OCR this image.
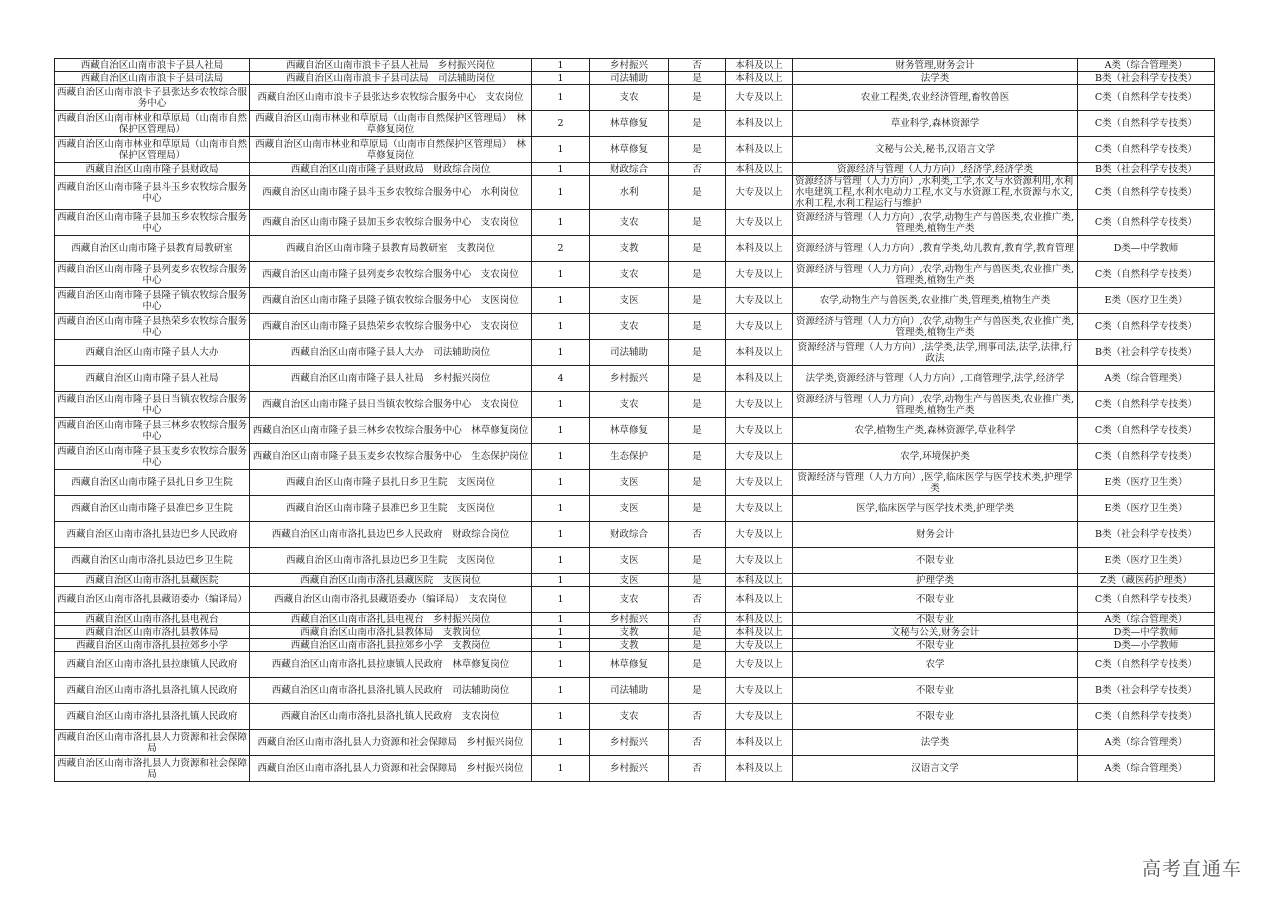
西藏自治区山南市浪卡子县人社局	西藏自治区山南市浪卡子县人社局　乡村振兴岗位	1	乡村振兴	否	本科及以上	财务管理,财务会计	A类（综合管理类）
西藏自治区山南市浪卡子县司法局	西藏自治区山南市浪卡子县司法局　司法辅助岗位	1	司法辅助	是	本科及以上	法学类	B类（社会科学专技类）
西藏自治区山南市浪卡子县张达乡农牧综合服务中心	西藏自治区山南市浪卡子县张达乡农牧综合服务中心　支农岗位	1	支农	是	大专及以上	农业工程类,农业经济管理,畜牧兽医	C类（自然科学专技类）
西藏自治区山南市林业和草原局（山南市自然保护区管理局）	西藏自治区山南市林业和草原局（山南市自然保护区管理局）　林草修复岗位	2	林草修复	是	本科及以上	草业科学,森林资源学	C类（自然科学专技类）
西藏自治区山南市林业和草原局（山南市自然保护区管理局）	西藏自治区山南市林业和草原局（山南市自然保护区管理局）　林草修复岗位	1	林草修复	是	本科及以上	文秘与公关,秘书,汉语言文学	C类（自然科学专技类）
西藏自治区山南市隆子县财政局	西藏自治区山南市隆子县财政局　财政综合岗位	1	财政综合	否	本科及以上	资源经济与管理（人力方向）,经济学,经济学类	B类（社会科学专技类）
西藏自治区山南市隆子县斗玉乡农牧综合服务中心	西藏自治区山南市隆子县斗玉乡农牧综合服务中心　水利岗位	1	水利	是	大专及以上	资源经济与管理（人力方向）,水利类,工学,水文与水资源利用,水利水电建筑工程,水利水电动力工程,水文与水资源工程,水资源与水文,水利工程,水利工程运行与维护	C类（自然科学专技类）
西藏自治区山南市隆子县加玉乡农牧综合服务中心	西藏自治区山南市隆子县加玉乡农牧综合服务中心　支农岗位	1	支农	是	大专及以上	资源经济与管理（人力方向）,农学,动物生产与兽医类,农业推广类,管理类,植物生产类	C类（自然科学专技类）
西藏自治区山南市隆子县教育局教研室	西藏自治区山南市隆子县教育局教研室　支教岗位	2	支教	是	本科及以上	资源经济与管理（人力方向）,教育学类,幼儿教育,教育学,教育管理	D类—中学教师
西藏自治区山南市隆子县列麦乡农牧综合服务中心	西藏自治区山南市隆子县列麦乡农牧综合服务中心　支农岗位	1	支农	是	大专及以上	资源经济与管理（人力方向）,农学,动物生产与兽医类,农业推广类,管理类,植物生产类	C类（自然科学专技类）
西藏自治区山南市隆子县隆子镇农牧综合服务中心	西藏自治区山南市隆子县隆子镇农牧综合服务中心　支医岗位	1	支医	是	大专及以上	农学,动物生产与兽医类,农业推广类,管理类,植物生产类	E类（医疗卫生类）
西藏自治区山南市隆子县热荣乡农牧综合服务中心	西藏自治区山南市隆子县热荣乡农牧综合服务中心　支农岗位	1	支农	是	大专及以上	资源经济与管理（人力方向）,农学,动物生产与兽医类,农业推广类,管理类,植物生产类	C类（自然科学专技类）
西藏自治区山南市隆子县人大办	西藏自治区山南市隆子县人大办　司法辅助岗位	1	司法辅助	是	本科及以上	资源经济与管理（人力方向）,法学类,法学,刑事司法,法学,法律,行政法	B类（社会科学专技类）
西藏自治区山南市隆子县人社局	西藏自治区山南市隆子县人社局　乡村振兴岗位	4	乡村振兴	是	本科及以上	法学类,资源经济与管理（人力方向）,工商管理学,法学,经济学	A类（综合管理类）
西藏自治区山南市隆子县日当镇农牧综合服务中心	西藏自治区山南市隆子县日当镇农牧综合服务中心　支农岗位	1	支农	是	大专及以上	资源经济与管理（人力方向）,农学,动物生产与兽医类,农业推广类,管理类,植物生产类	C类（自然科学专技类）
西藏自治区山南市隆子县三林乡农牧综合服务中心	西藏自治区山南市隆子县三林乡农牧综合服务中心　林草修复岗位	1	林草修复	是	大专及以上	农学,植物生产类,森林资源学,草业科学	C类（自然科学专技类）
西藏自治区山南市隆子县玉麦乡农牧综合服务中心	西藏自治区山南市隆子县玉麦乡农牧综合服务中心　生态保护岗位	1	生态保护	是	大专及以上	农学,环境保护类	C类（自然科学专技类）
西藏自治区山南市隆子县扎日乡卫生院	西藏自治区山南市隆子县扎日乡卫生院　支医岗位	1	支医	是	大专及以上	资源经济与管理（人力方向）,医学,临床医学与医学技术类,护理学类	E类（医疗卫生类）
西藏自治区山南市隆子县准巴乡卫生院	西藏自治区山南市隆子县准巴乡卫生院　支医岗位	1	支医	是	大专及以上	医学,临床医学与医学技术类,护理学类	E类（医疗卫生类）
西藏自治区山南市洛扎县边巴乡人民政府	西藏自治区山南市洛扎县边巴乡人民政府　财政综合岗位	1	财政综合	否	大专及以上	财务会计	B类（社会科学专技类）
西藏自治区山南市洛扎县边巴乡卫生院	西藏自治区山南市洛扎县边巴乡卫生院　支医岗位	1	支医	是	大专及以上	不限专业	E类（医疗卫生类）
西藏自治区山南市洛扎县藏医院	西藏自治区山南市洛扎县藏医院　支医岗位	1	支医	是	本科及以上	护理学类	Z类（藏医药护理类）
西藏自治区山南市洛扎县藏语委办（编译局）	西藏自治区山南市洛扎县藏语委办（编译局）　支农岗位	1	支农	否	本科及以上	不限专业	C类（自然科学专技类）
西藏自治区山南市洛扎县电视台	西藏自治区山南市洛扎县电视台　乡村振兴岗位	1	乡村振兴	否	本科及以上	不限专业	A类（综合管理类）
西藏自治区山南市洛扎县教体局	西藏自治区山南市洛扎县教体局　支教岗位	1	支教	是	本科及以上	文秘与公关,财务会计	D类—中学教师
西藏自治区山南市洛扎县拉郊乡小学	西藏自治区山南市洛扎县拉郊乡小学　支教岗位	1	支教	是	大专及以上	不限专业	D类—小学教师
西藏自治区山南市洛扎县拉康镇人民政府	西藏自治区山南市洛扎县拉康镇人民政府　林草修复岗位	1	林草修复	是	大专及以上	农学	C类（自然科学专技类）
西藏自治区山南市洛扎县洛扎镇人民政府	西藏自治区山南市洛扎县洛扎镇人民政府　司法辅助岗位	1	司法辅助	是	大专及以上	不限专业	B类（社会科学专技类）
西藏自治区山南市洛扎县洛扎镇人民政府	西藏自治区山南市洛扎县洛扎镇人民政府　支农岗位	1	支农	否	大专及以上	不限专业	C类（自然科学专技类）
西藏自治区山南市洛扎县人力资源和社会保障局	西藏自治区山南市洛扎县人力资源和社会保障局　乡村振兴岗位	1	乡村振兴	否	本科及以上	法学类	A类（综合管理类）
西藏自治区山南市洛扎县人力资源和社会保障局	西藏自治区山南市洛扎县人力资源和社会保障局　乡村振兴岗位	1	乡村振兴	否	本科及以上	汉语言文学	A类（综合管理类）
高考直通车
